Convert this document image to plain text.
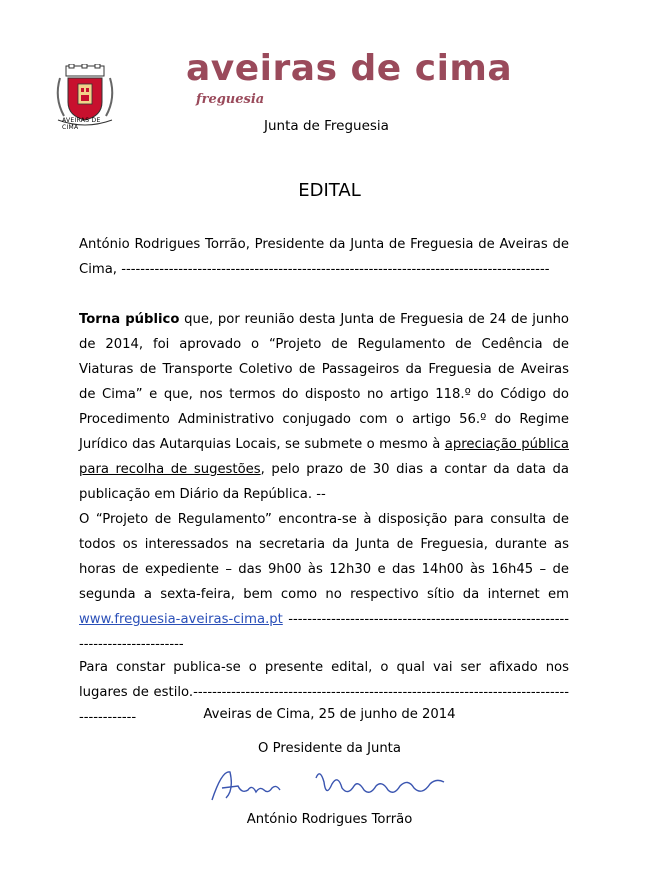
AVEIRAS DE CIMA
aveiras de cima
freguesia
Junta de Freguesia
EDITAL
António Rodrigues Torrão, Presidente da Junta de Freguesia de Aveiras de Cima, ------------------------------------------------------------------------------------------
Torna público que, por reunião desta Junta de Freguesia de 24 de junho de 2014, foi aprovado o “Projeto de Regulamento de Cedência de Viaturas de Transporte Coletivo de Passageiros da Freguesia de Aveiras de Cima” e que, nos termos do disposto no artigo 118.º do Código do Procedimento Administrativo conjugado com o artigo 56.º do Regime Jurídico das Autarquias Locais, se submete o mesmo à apreciação pública para recolha de sugestões, pelo prazo de 30 dias a contar da data da publicação em Diário da República. --
O “Projeto de Regulamento” encontra-se à disposição para consulta de todos os interessados na secretaria da Junta de Freguesia, durante as horas de expediente – das 9h00 às 12h30 e das 14h00 às 16h45 – de segunda a sexta-feira, bem como no respectivo sítio da internet em www.freguesia-aveiras-cima.pt ---------------------------------------------------------------------------------
Para constar publica-se o presente edital, o qual vai ser afixado nos lugares de estilo.-------------------------------------------------------------------------------------------	Aveiras de Cima, 25 de junho de 2014
O Presidente da Junta
António Rodrigues Torrão
